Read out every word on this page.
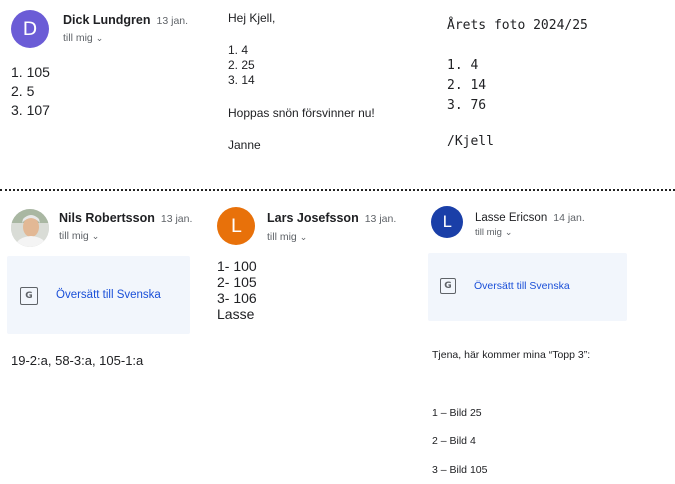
D	Dick Lundgren 13 jan.
till mig ⌄
1. 105
2. 5
3. 107
Hej Kjell,
1. 4
2. 25
3. 14
Hoppas snön försvinner nu!
Janne
Årets foto 2024/25
1. 4
2. 14
3. 76
/Kjell
Nils Robertsson 13 jan.
till mig ⌄
G	Översätt till Svenska
19-2:a, 58-3:a, 105-1:a
L	Lars Josefsson 13 jan.
till mig ⌄
1- 100
2- 105
3- 106
Lasse
L	Lasse Ericson 14 jan.
till mig ⌄
G	Översätt till Svenska
Tjena, här kommer mina “Topp 3”:
1 – Bild 25
2 – Bild 4
3 – Bild 105
